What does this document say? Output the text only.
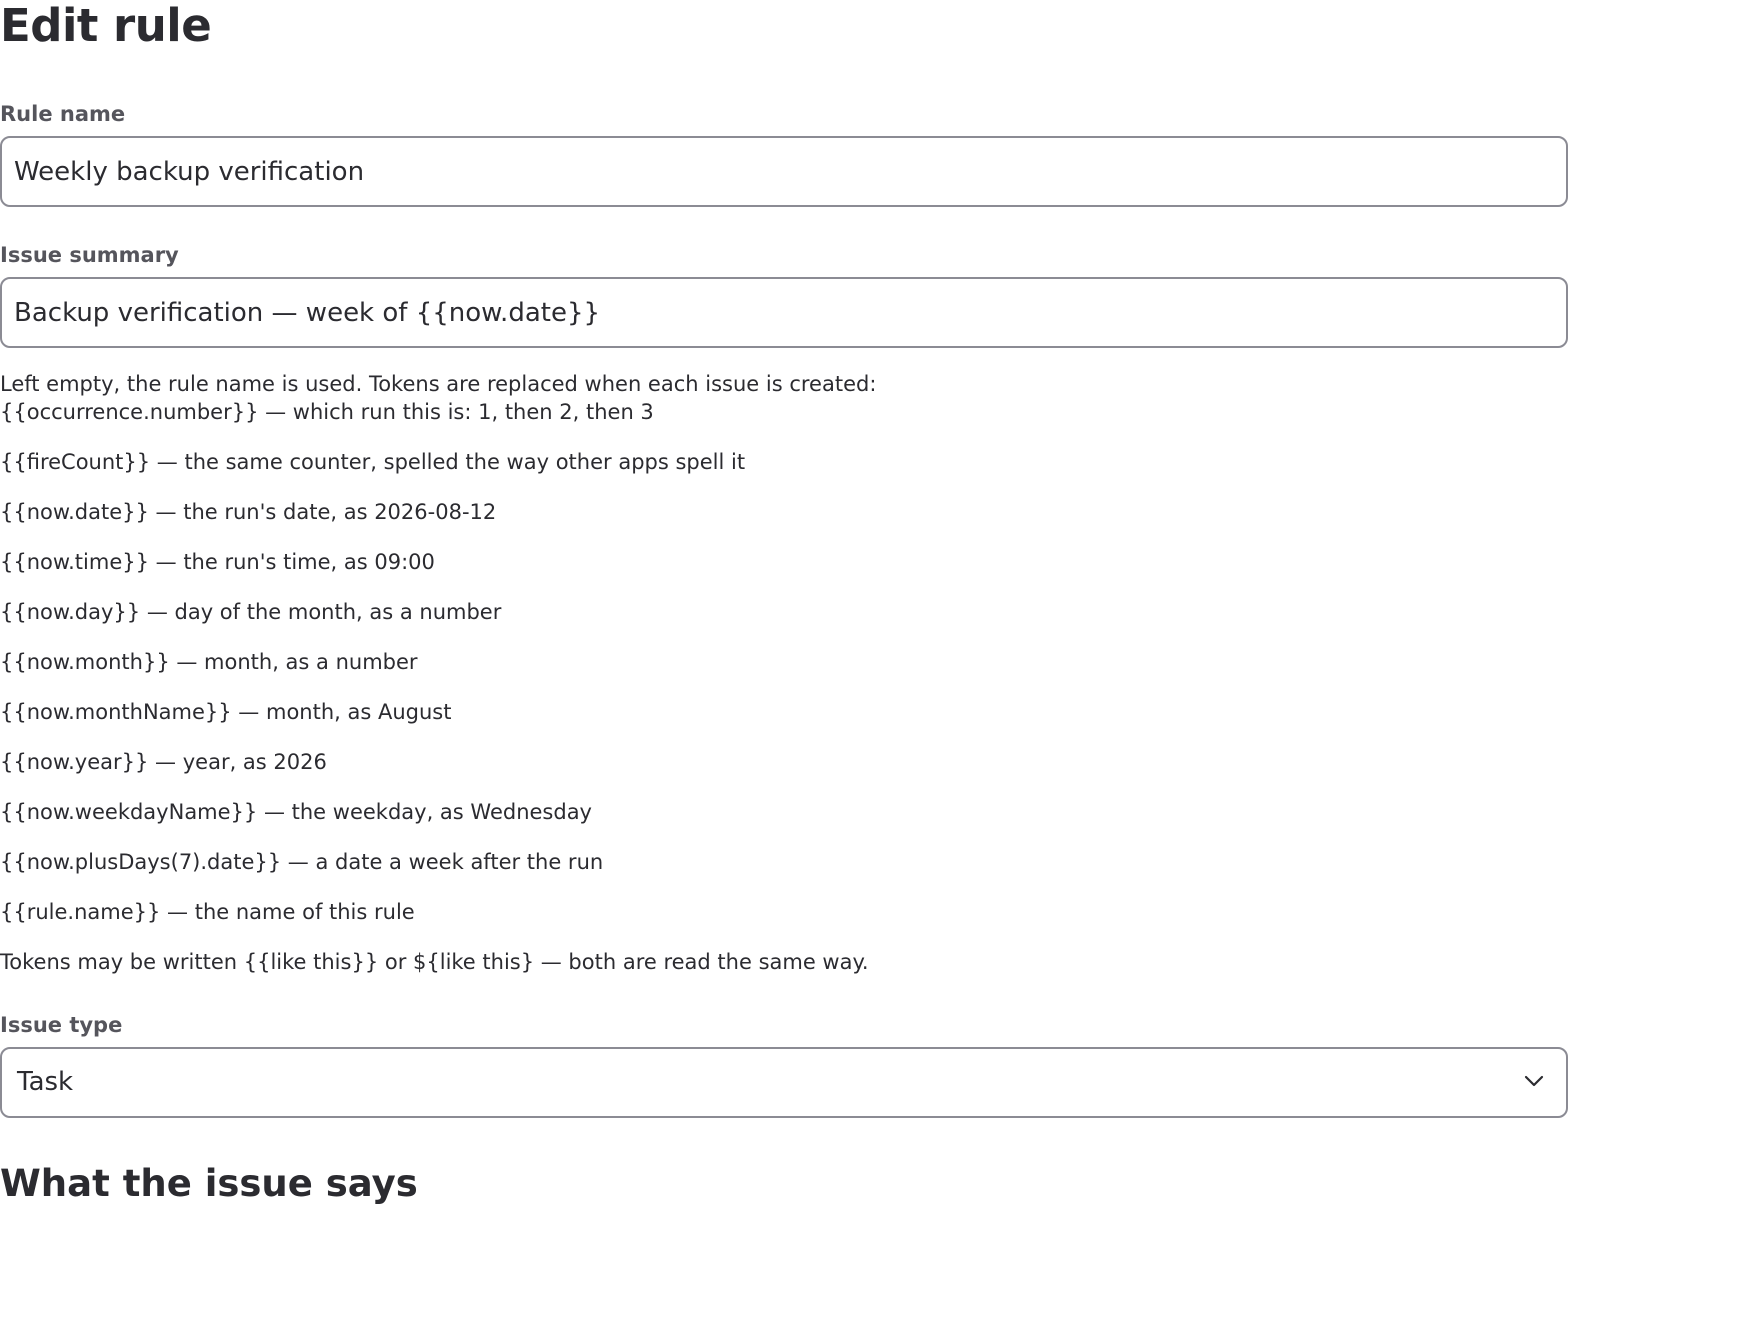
Edit rule
Rule name
Weekly backup verification
Issue summary
Backup verification — week of {{now.date}}

Left empty, the rule name is used. Tokens are replaced when each issue is created:

{{occurrence.number}} — which run this is: 1, then 2, then 3

{{fireCount}} — the same counter, spelled the way other apps spell it

{{now.date}} — the run's date, as 2026-08-12

{{now.time}} — the run's time, as 09:00

{{now.day}} — day of the month, as a number

{{now.month}} — month, as a number

{{now.monthName}} — month, as August

{{now.year}} — year, as 2026

{{now.weekdayName}} — the weekday, as Wednesday

{{now.plusDays(7).date}} — a date a week after the run

{{rule.name}} — the name of this rule

Tokens may be written {{like this}} or ${like this} — both are read the same way.

Issue type
Task
What the issue says
